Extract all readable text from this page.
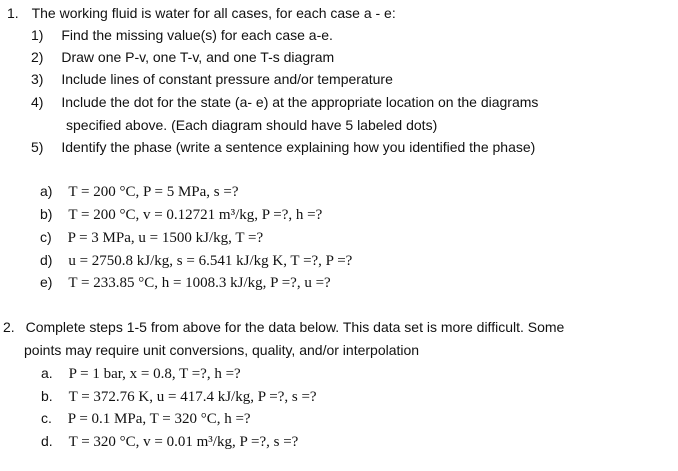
1. The working fluid is water for all cases, for each case a - e:
1) Find the missing value(s) for each case a-e.
2) Draw one P-v, one T-v, and one T-s diagram
3) Include lines of constant pressure and/or temperature
4) Include the dot for the state (a- e) at the appropriate location on the diagrams
specified above. (Each diagram should have 5 labeled dots)
5) Identify the phase (write a sentence explaining how you identified the phase)
a) T = 200 °C, P = 5 MPa, s =?
b) T = 200 °C, v = 0.12721 m³/kg, P =?, h =?
c) P = 3 MPa, u = 1500 kJ/kg, T =?
d) u = 2750.8 kJ/kg, s = 6.541 kJ/kg K, T =?, P =?
e) T = 233.85 °C, h = 1008.3 kJ/kg, P =?, u =?
2. Complete steps 1-5 from above for the data below. This data set is more difficult. Some
points may require unit conversions, quality, and/or interpolation
a. P = 1 bar, x = 0.8, T =?, h =?
b. T = 372.76 K, u = 417.4 kJ/kg, P =?, s =?
c. P = 0.1 MPa, T = 320 °C, h =?
d. T = 320 °C, v = 0.01 m³/kg, P =?, s =?
